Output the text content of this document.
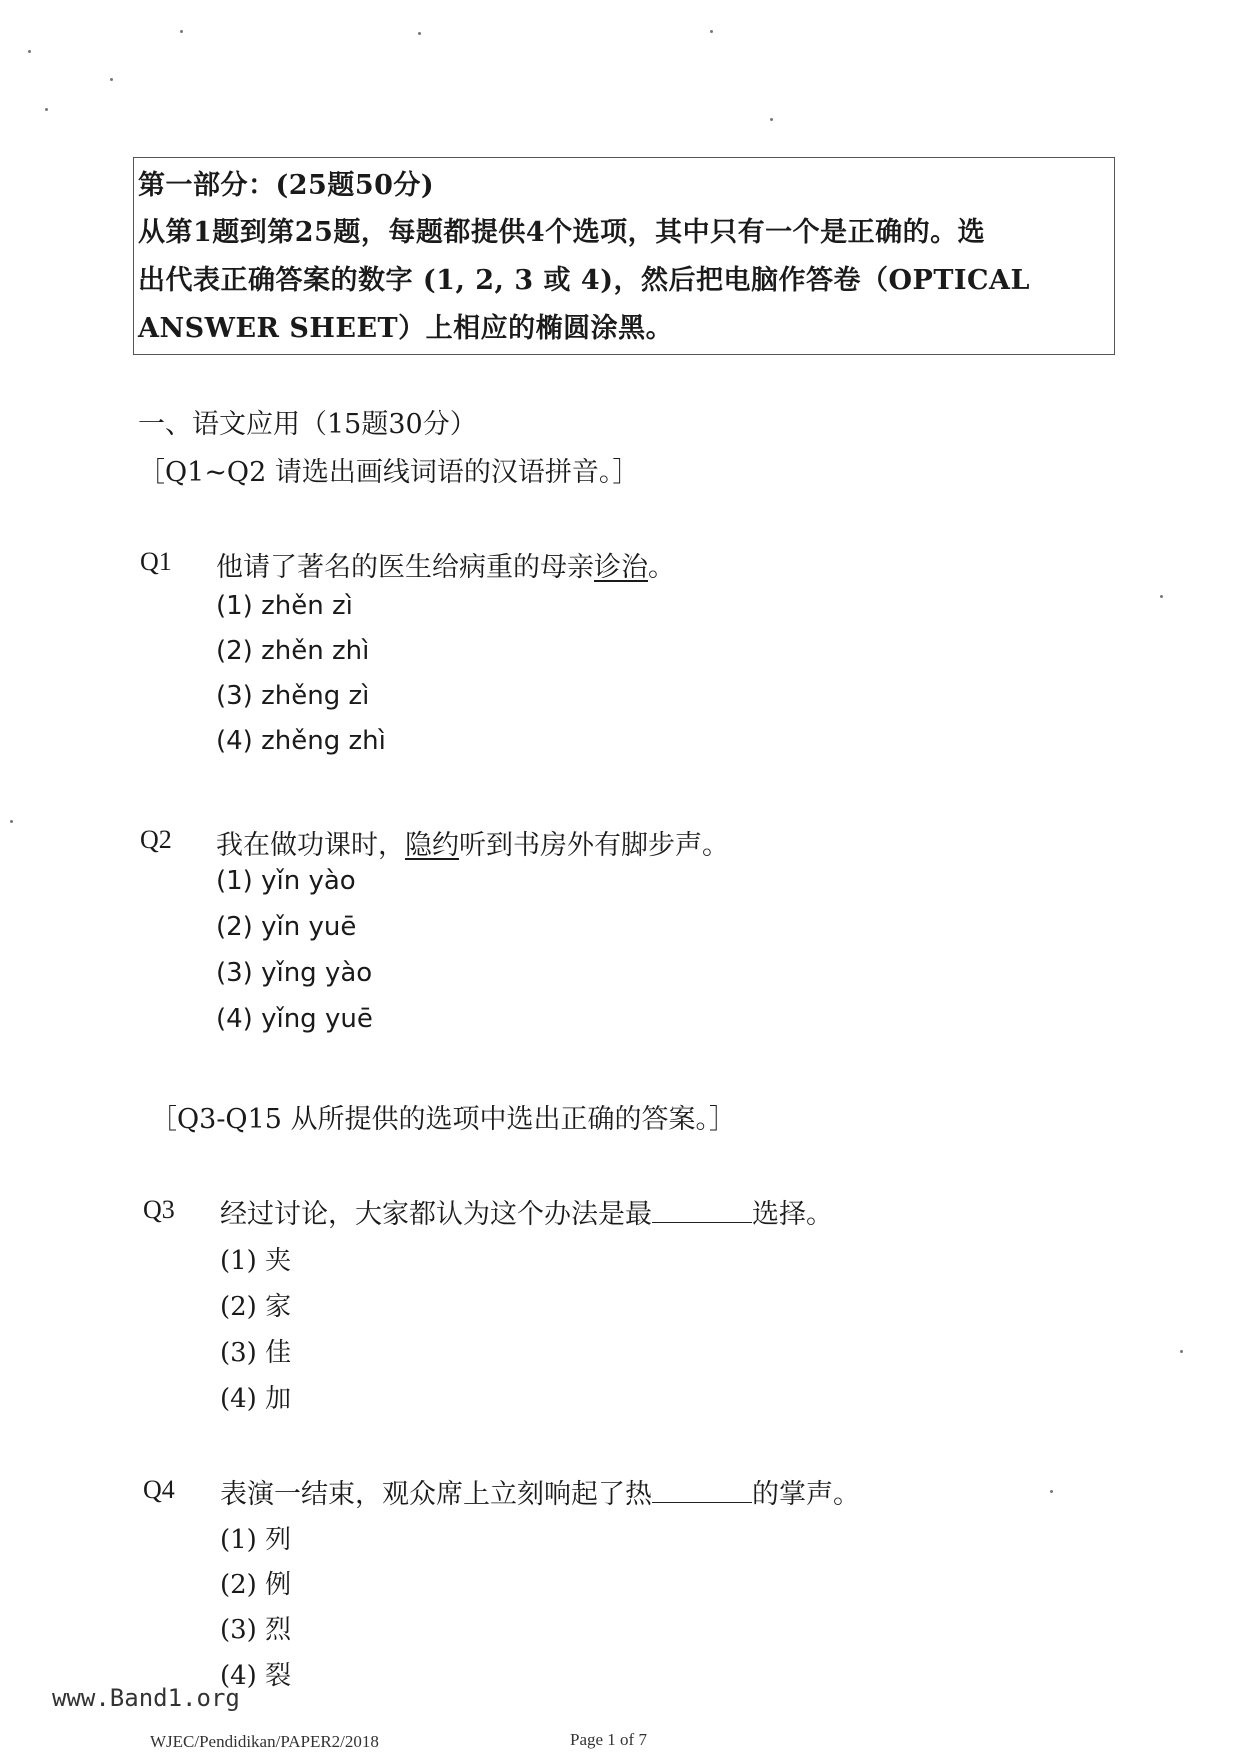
第一部分：(25题50分)
从第1题到第25题，每题都提供4个选项，其中只有一个是正确的。选
出代表正确答案的数字 (1, 2, 3 或 4)，然后把电脑作答卷（OPTICAL
ANSWER SHEET）上相应的椭圆涂黑。
一、语文应用（15题30分）
［Q1~Q2 请选出画线词语的汉语拼音。］
Q1 他请了著名的医生给病重的母亲诊治。
(1) zhěn zì
(2) zhěn zhì
(3) zhěng zì
(4) zhěng zhì
Q2 我在做功课时，隐约听到书房外有脚步声。
(1) yǐn yào
(2) yǐn yuē
(3) yǐng yào
(4) yǐng yuē
［Q3-Q15 从所提供的选项中选出正确的答案。］
Q3 经过讨论，大家都认为这个办法是最	选择。
(1) 夹
(2) 家
(3) 佳
(4) 加
Q4 表演一结束，观众席上立刻响起了热	的掌声。
(1) 列
(2) 例
(3) 烈
(4) 裂
www.Band1.org
WJEC/Pendidikan/PAPER2/2018	Page 1 of 7
